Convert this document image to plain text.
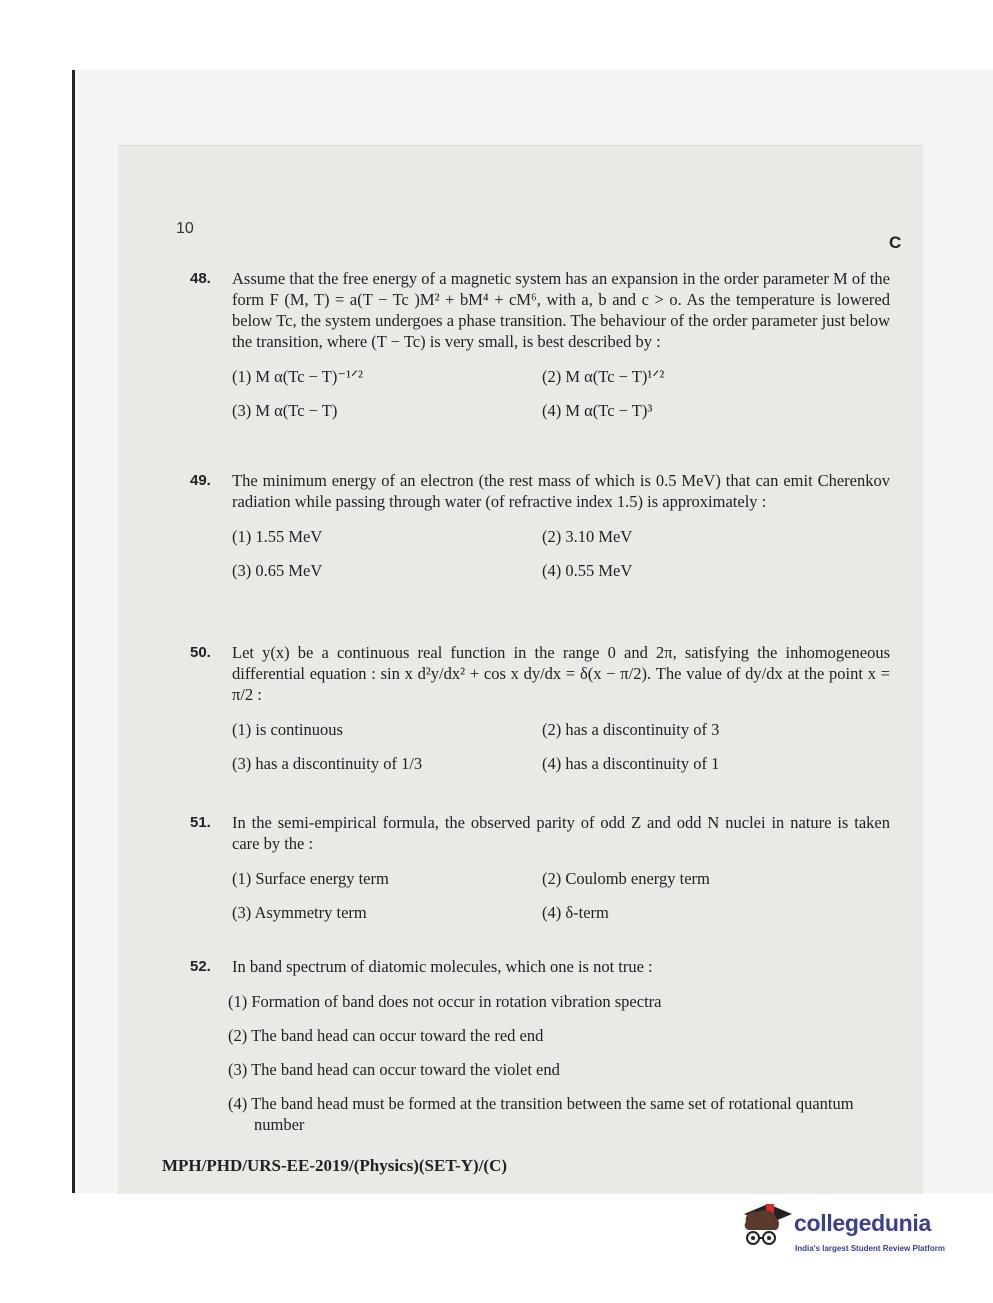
10
C
48. Assume that the free energy of a magnetic system has an expansion in the order parameter M of the form F (M, T) = a(T − Tc )M² + bM⁴ + cM⁶, with a, b and c > o. As the temperature is lowered below Tc, the system undergoes a phase transition. The behaviour of the order parameter just below the transition, where (T − Tc) is very small, is best described by :
(1) M α(Tc − T)⁻¹ᐟ²	(2) M α(Tc − T)¹ᐟ²
(3) M α(Tc − T)	(4) M α(Tc − T)³
49. The minimum energy of an electron (the rest mass of which is 0.5 MeV) that can emit Cherenkov radiation while passing through water (of refractive index 1.5) is approximately :
(1) 1.55 MeV	(2) 3.10 MeV
(3) 0.65 MeV	(4) 0.55 MeV
50. Let y(x) be a continuous real function in the range 0 and 2π, satisfying the inhomogeneous differential equation : sin x d²y/dx² + cos x dy/dx = δ(x − π/2). The value of dy/dx at the point x = π/2 :
(1) is continuous	(2) has a discontinuity of 3
(3) has a discontinuity of 1/3	(4) has a discontinuity of 1
51. In the semi-empirical formula, the observed parity of odd Z and odd N nuclei in nature is taken care by the :
(1) Surface energy term	(2) Coulomb energy term
(3) Asymmetry term	(4) δ-term
52. In band spectrum of diatomic molecules, which one is not true :
(1) Formation of band does not occur in rotation vibration spectra
(2) The band head can occur toward the red end
(3) The band head can occur toward the violet end
(4) The band head must be formed at the transition between the same set of rotational quantum number
MPH/PHD/URS-EE-2019/(Physics)(SET-Y)/(C)
collegedunia
India's largest Student Review Platform
